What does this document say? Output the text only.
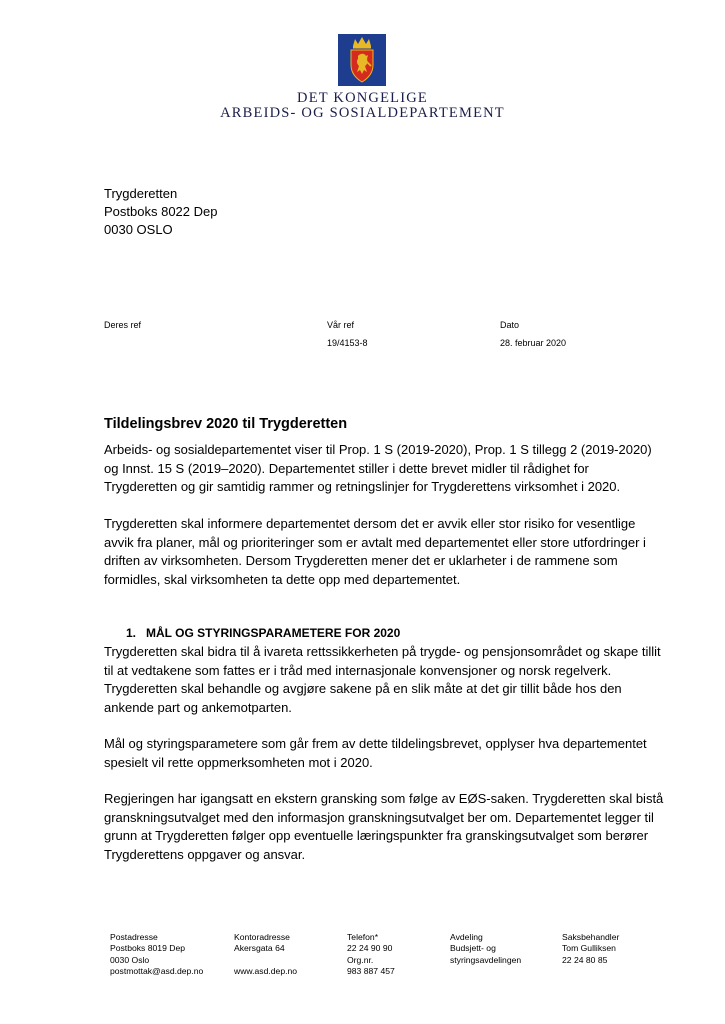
DET KONGELIGE
ARBEIDS- OG SOSIALDEPARTEMENT
Trygderetten
Postboks 8022 Dep
0030 OSLO
Deres ref	Vår ref
19/4153-8
Dato
28. februar 2020
Tildelingsbrev 2020 til Trygderetten

Arbeids- og sosialdepartementet viser til Prop. 1 S (2019-2020), Prop. 1 S tillegg 2 (2019-2020) og Innst. 15 S (2019–2020). Departementet stiller i dette brevet midler til rådighet for Trygderetten og gir samtidig rammer og retningslinjer for Trygderettens virksomhet i 2020.

Trygderetten skal informere departementet dersom det er avvik eller stor risiko for vesentlige avvik fra planer, mål og prioriteringer som er avtalt med departementet eller store utfordringer i driften av virksomheten. Dersom Trygderetten mener det er uklarheter i de rammene som formidles, skal virksomheten ta dette opp med departementet.

1.   MÅL OG STYRINGSPARAMETERE FOR 2020

Trygderetten skal bidra til å ivareta rettssikkerheten på trygde- og pensjonsområdet og skape tillit til at vedtakene som fattes er i tråd med internasjonale konvensjoner og norsk regelverk. Trygderetten skal behandle og avgjøre sakene på en slik måte at det gir tillit både hos den ankende part og ankemotparten.

Mål og styringsparametere som går frem av dette tildelingsbrevet, opplyser hva departementet spesielt vil rette oppmerksomheten mot i 2020.

Regjeringen har igangsatt en ekstern gransking som følge av EØS-saken. Trygderetten skal bistå granskningsutvalget med den informasjon granskningsutvalget ber om. Departementet legger til grunn at Trygderetten følger opp eventuelle læringspunkter fra granskingsutvalget som berører Trygderettens oppgaver og ansvar.

Postadresse
Postboks 8019 Dep
0030 Oslo
postmottak@asd.dep.no
Kontoradresse
Akersgata 64

www.asd.dep.no
Telefon*
22 24 90 90
Org.nr.
983 887 457
Avdeling
Budsjett- og
styringsavdelingen
Saksbehandler
Tom Gulliksen
22 24 80 85
